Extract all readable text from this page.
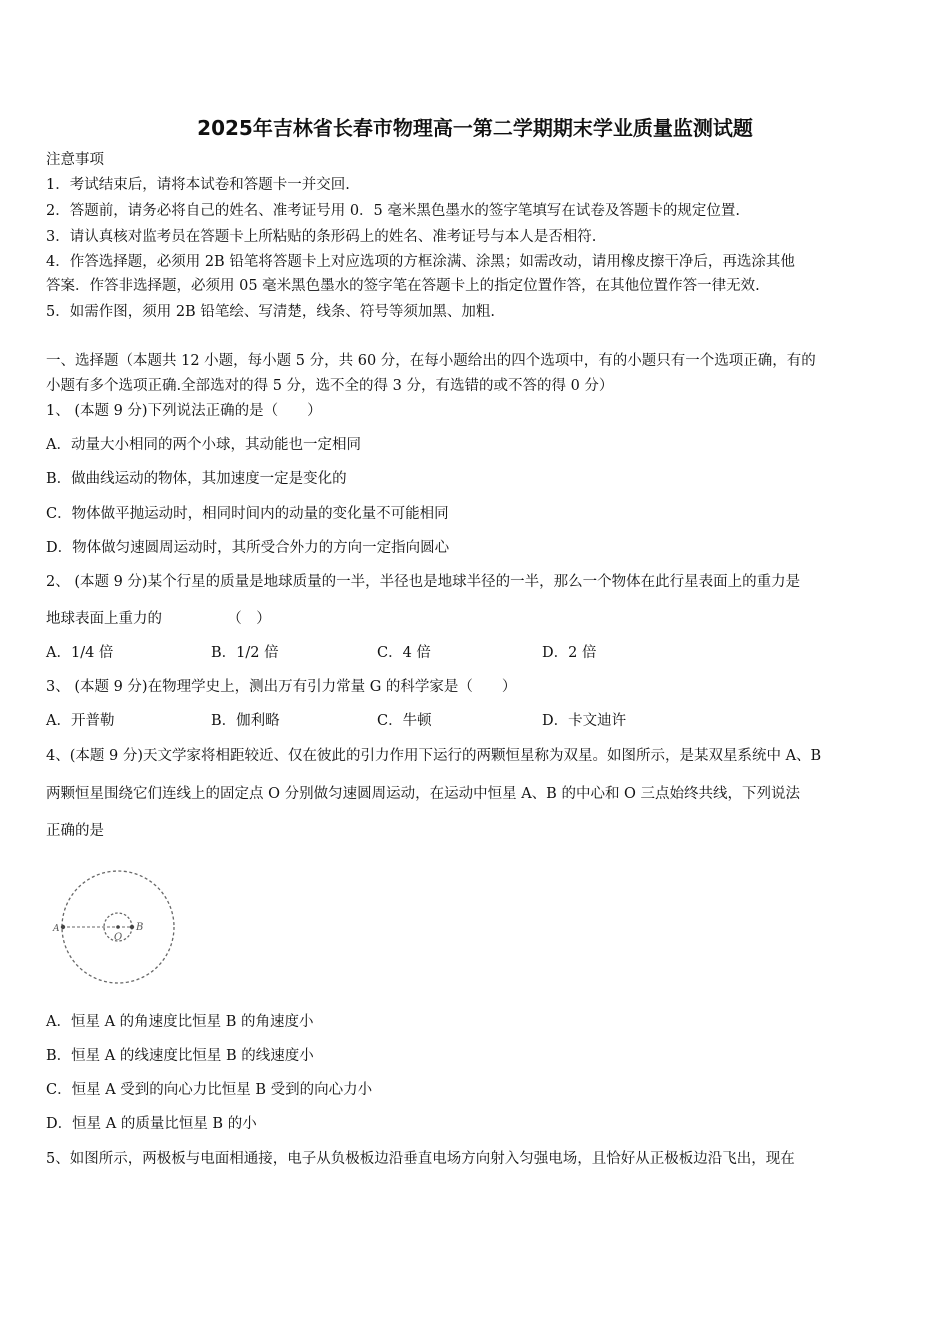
2025年吉林省长春市物理高一第二学期期末学业质量监测试题
注意事项
1．考试结束后，请将本试卷和答题卡一并交回.
2．答题前，请务必将自己的姓名、准考证号用 0．5 毫米黑色墨水的签字笔填写在试卷及答题卡的规定位置.
3．请认真核对监考员在答题卡上所粘贴的条形码上的姓名、准考证号与本人是否相符.
4．作答选择题，必须用 2B 铅笔将答题卡上对应选项的方框涂满、涂黑；如需改动，请用橡皮擦干净后，再选涂其他
答案．作答非选择题，必须用 05 毫米黑色墨水的签字笔在答题卡上的指定位置作答，在其他位置作答一律无效.
5．如需作图，须用 2B 铅笔绘、写清楚，线条、符号等须加黑、加粗.
一、选择题（本题共 12 小题，每小题 5 分，共 60 分，在每小题给出的四个选项中，有的小题只有一个选项正确，有的
小题有多个选项正确.全部选对的得 5 分，选不全的得 3 分，有选错的或不答的得 0 分）
1、 (本题 9 分)下列说法正确的是（　　）
A．动量大小相同的两个小球，其动能也一定相同
B．做曲线运动的物体，其加速度一定是变化的
C．物体做平抛运动时，相同时间内的动量的变化量不可能相同
D．物体做匀速圆周运动时，其所受合外力的方向一定指向圆心
2、 (本题 9 分)某个行星的质量是地球质量的一半，半径也是地球半径的一半，那么一个物体在此行星表面上的重力是
地球表面上重力的　　　　　（　）
A．1/4 倍	B．1/2 倍	C．4 倍	D．2 倍
3、 (本题 9 分)在物理学史上，测出万有引力常量 G 的科学家是（　　）
A．开普勒	B．伽利略	C．牛顿	D．卡文迪许
4、(本题 9 分)天文学家将相距较近、仅在彼此的引力作用下运行的两颗恒星称为双星。如图所示，是某双星系统中 A、B
两颗恒星围绕它们连线上的固定点 O 分别做匀速圆周运动，在运动中恒星 A、B 的中心和 O 三点始终共线，下列说法
正确的是
A
O
B
A．恒星 A 的角速度比恒星 B 的角速度小
B．恒星 A 的线速度比恒星 B 的线速度小
C．恒星 A 受到的向心力比恒星 B 受到的向心力小
D．恒星 A 的质量比恒星 B 的小
5、如图所示，两极板与电面相通接，电子从负极板边沿垂直电场方向射入匀强电场，且恰好从正极板边沿飞出，现在
